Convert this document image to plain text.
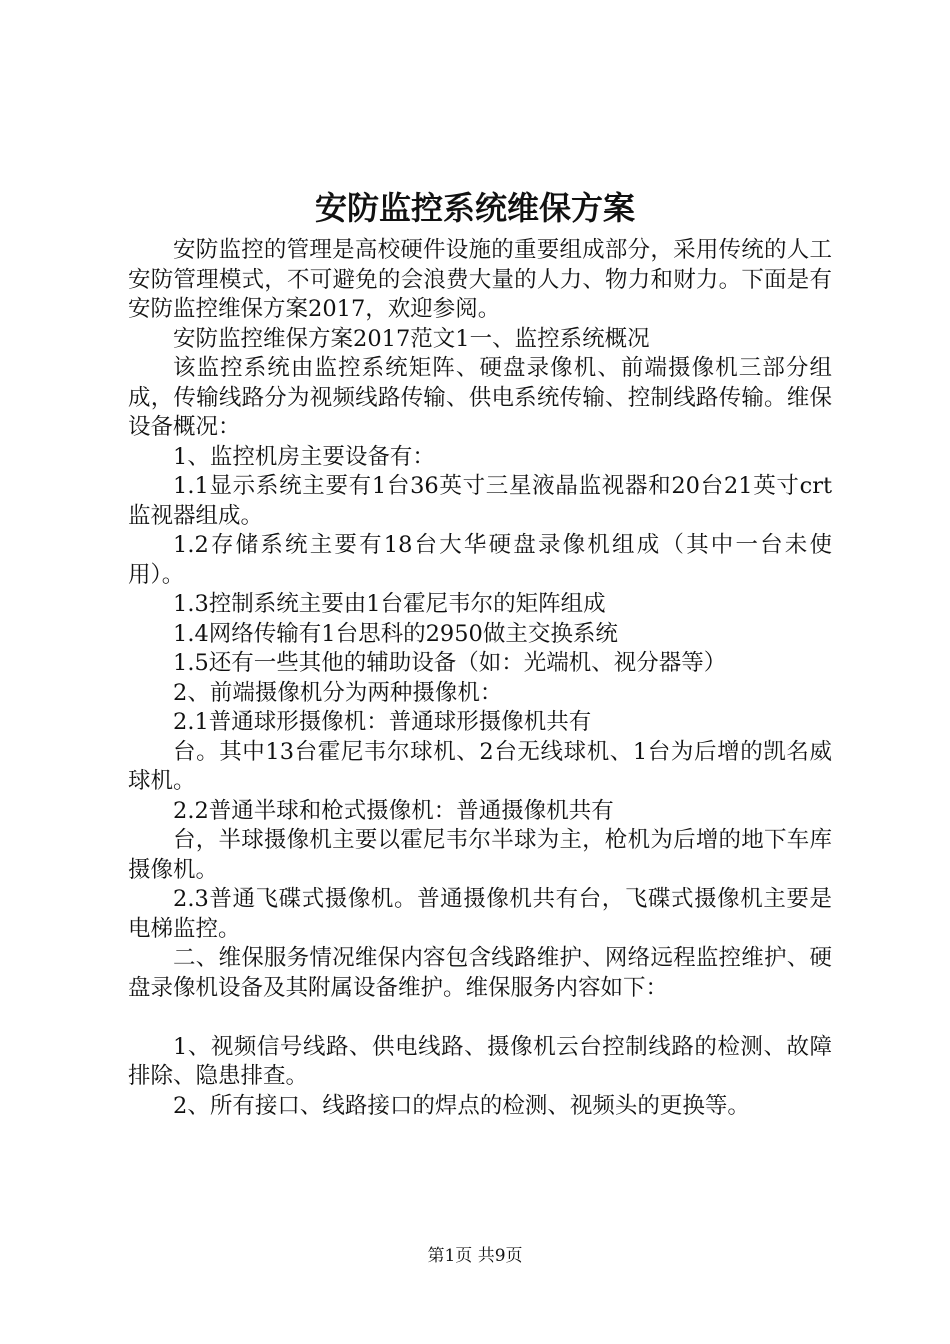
安防监控系统维保方案

安防监控的管理是高校硬件设施的重要组成部分，采用传统的人工安防管理模式，不可避免的会浪费大量的人力、物力和财力。下面是有安防监控维保方案2017，欢迎参阅。

安防监控维保方案2017范文1一、监控系统概况

该监控系统由监控系统矩阵、硬盘录像机、前端摄像机三部分组成，传输线路分为视频线路传输、供电系统传输、控制线路传输。维保设备概况：

1、监控机房主要设备有：

1.1显示系统主要有1台36英寸三星液晶监视器和20台21英寸crt监视器组成。

1.2存储系统主要有18台大华硬盘录像机组成（其中一台未使用）。

1.3控制系统主要由1台霍尼韦尔的矩阵组成

1.4网络传输有1台思科的2950做主交换系统

1.5还有一些其他的辅助设备（如：光端机、视分器等）

2、前端摄像机分为两种摄像机：

2.1普通球形摄像机：普通球形摄像机共有

台。其中13台霍尼韦尔球机、2台无线球机、1台为后增的凯名威球机。

2.2普通半球和枪式摄像机：普通摄像机共有

台，半球摄像机主要以霍尼韦尔半球为主，枪机为后增的地下车库摄像机。

2.3普通飞碟式摄像机。普通摄像机共有台，飞碟式摄像机主要是电梯监控。

二、维保服务情况维保内容包含线路维护、网络远程监控维护、硬盘录像机设备及其附属设备维护。维保服务内容如下：

1、视频信号线路、供电线路、摄像机云台控制线路的检测、故障排除、隐患排查。

2、所有接口、线路接口的焊点的检测、视频头的更换等。

第1页 共9页
